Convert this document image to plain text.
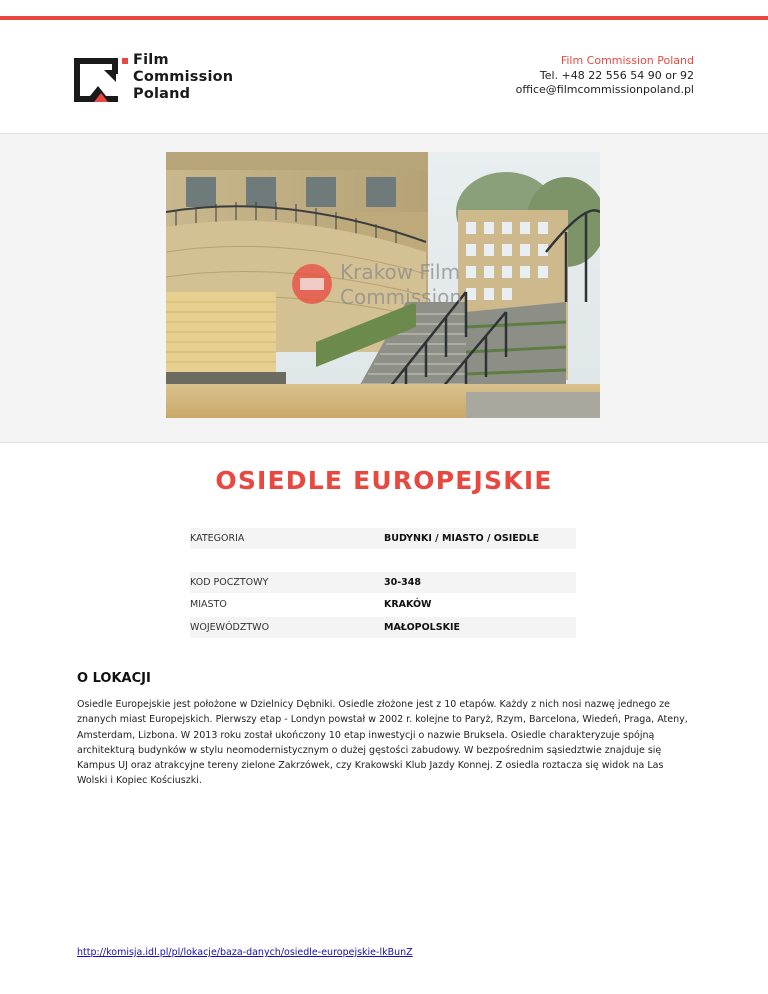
Film
Commission
Poland
Film Commission Poland
Tel. +48 22 556 54 90 or 92
office@filmcommissionpoland.pl
Krakow Film
Commission
OSIEDLE EUROPEJSKIE
KATEGORIA	BUDYNKI / MIASTO / OSIEDLE
KOD POCZTOWY	30-348
MIASTO	KRAKÓW
WOJEWÓDZTWO	MAŁOPOLSKIE
O LOKACJI
Osiedle Europejskie jest położone w Dzielnicy Dębniki. Osiedle złożone jest z 10 etapów. Każdy z nich nosi nazwę jednego ze znanych miast Europejskich. Pierwszy etap - Londyn powstał w 2002 r. kolejne to Paryż, Rzym, Barcelona, Wiedeń, Praga, Ateny, Amsterdam, Lizbona. W 2013 roku został ukończony 10 etap inwestycji o nazwie Bruksela. Osiedle charakteryzuje spójną architekturą budynków w stylu neomodernistycznym o dużej gęstości zabudowy. W bezpośrednim sąsiedztwie znajduje się Kampus UJ oraz atrakcyjne tereny zielone Zakrzówek, czy Krakowski Klub Jazdy Konnej. Z osiedla roztacza się widok na Las Wolski i Kopiec Kościuszki.
http://komisja.idl.pl/pl/lokacje/baza-danych/osiedle-europejskie-lkBunZ
